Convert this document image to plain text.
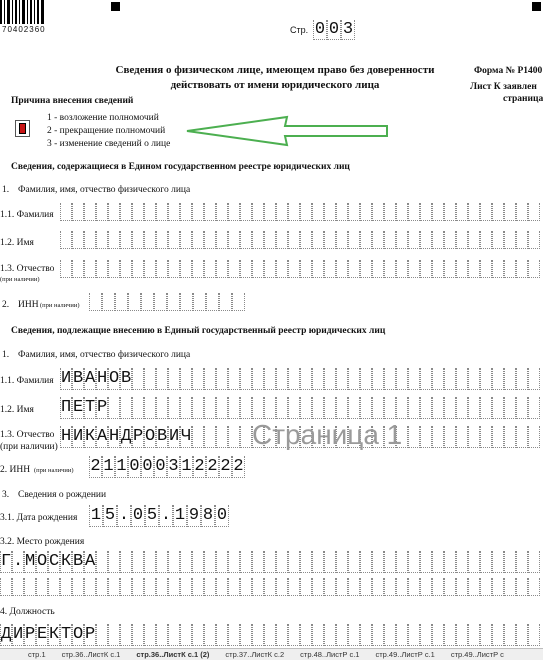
70402360	Стр. 0 0 3
Сведения о физическом лице, имеющем право без доверенности
действовать от имени юридического лица
Форма № Р1400
Лист К заявлен
страница
Причина внесения сведений
1 - возложение полномочий
2 - прекращение полномочий
3 - изменение сведений о лице
Сведения, содержащиеся в Едином государственном реестре юридических лиц
1. Фамилия, имя, отчество физического лица
1.1. Фамилия
1.2. Имя
1.3. Отчество
(при наличии)
2. ИНН (при наличии)
Сведения, подлежащие внесению в Единый государственный реестр юридических лиц
1. Фамилия, имя, отчество физического лица
1.1. Фамилия И В А Н О В
1.2. Имя П Е Т Р
1.3. Отчество
(при наличии)
Н И К А Н Д Р О В И Ч
2. ИНН (при наличии) 2 1 1 0 0 0 3 1 2 2 2 2
3. Сведения о рождении
3.1. Дата рождения 1 5 . 0 5 . 1 9 8 0
3.2. Место рождения
Г . М О С К В А
4. Должность
Д И Р Е К Т О Р
Страница 1
стр.1 стр.36..ЛистК с.1 стр.36..ЛистК с.1 (2) стр.37..ЛистК с.2 стр.48..ЛистР с.1 стр.49..ЛистР с.1 стр.49..ЛистР с
